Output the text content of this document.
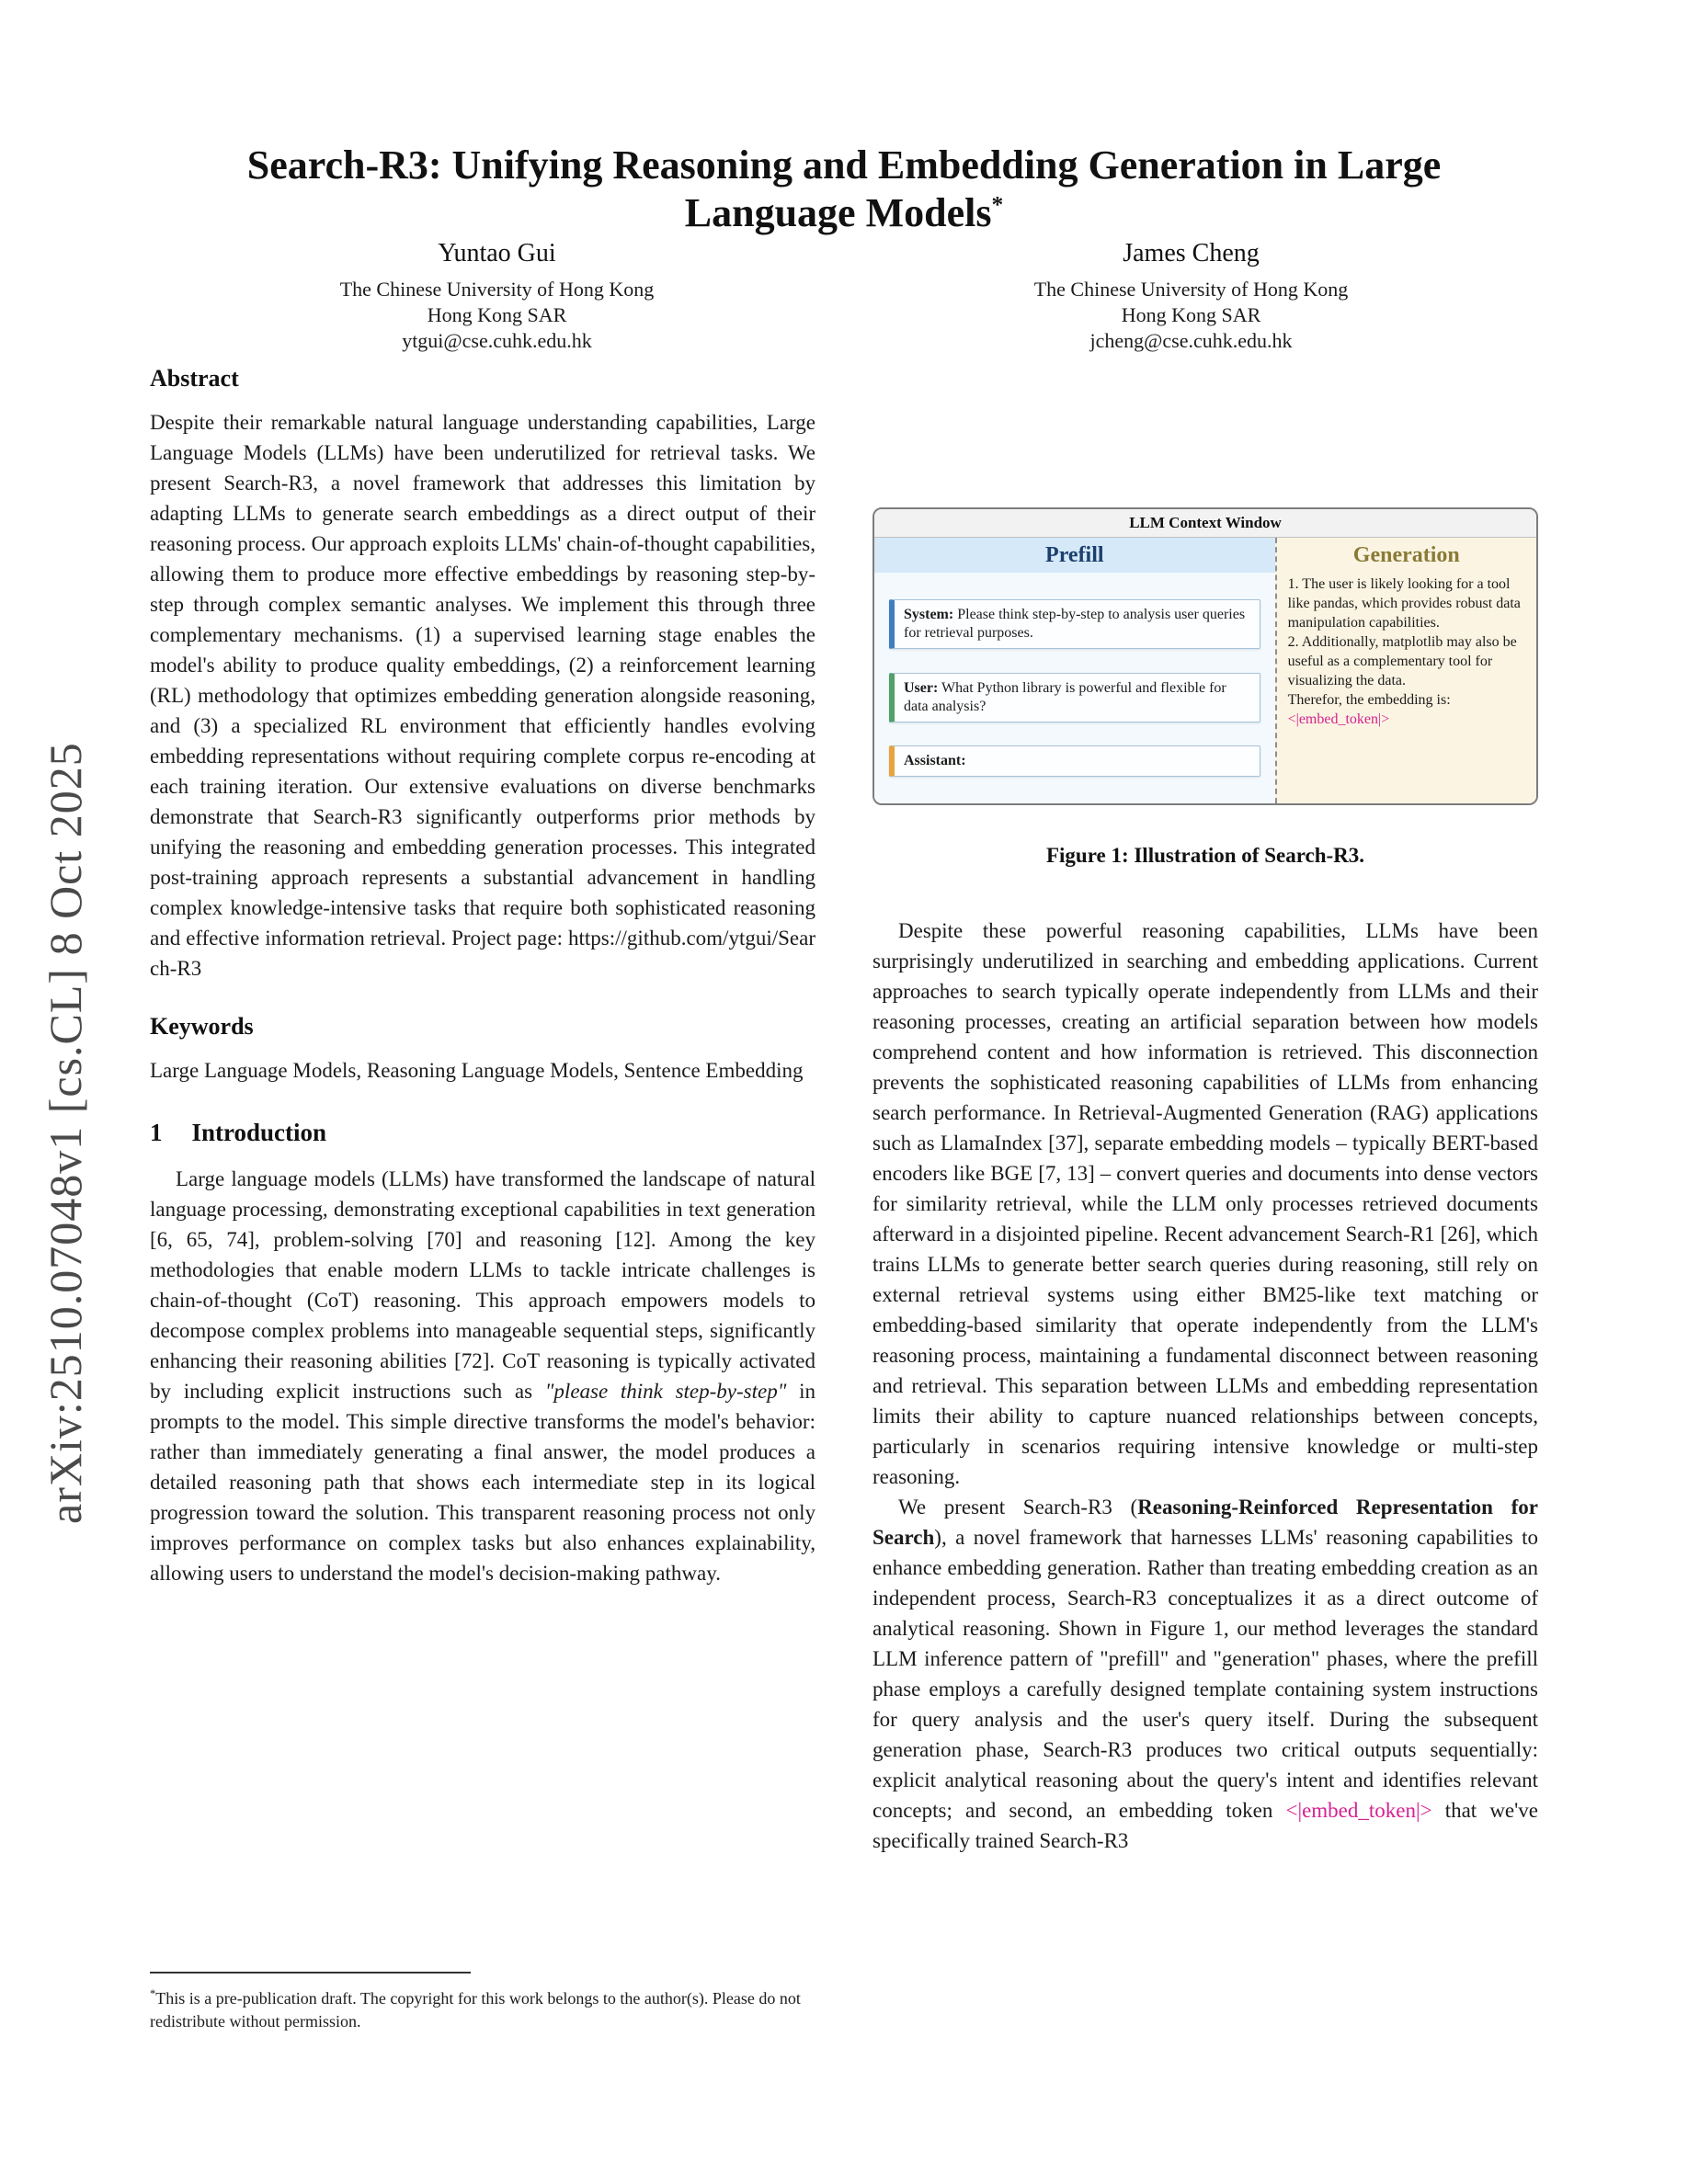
arXiv:2510.07048v1 [cs.CL] 8 Oct 2025
Search-R3: Unifying Reasoning and Embedding Generation in Large Language Models*
Yuntao Gui
The Chinese University of Hong Kong
Hong Kong SAR
ytgui@cse.cuhk.edu.hk
James Cheng
The Chinese University of Hong Kong
Hong Kong SAR
jcheng@cse.cuhk.edu.hk
Abstract

Despite their remarkable natural language understanding capabilities, Large Language Models (LLMs) have been underutilized for retrieval tasks. We present Search-R3, a novel framework that addresses this limitation by adapting LLMs to generate search embeddings as a direct output of their reasoning process. Our approach exploits LLMs' chain-of-thought capabilities, allowing them to produce more effective embeddings by reasoning step-by-step through complex semantic analyses. We implement this through three complementary mechanisms. (1) a supervised learning stage enables the model's ability to produce quality embeddings, (2) a reinforcement learning (RL) methodology that optimizes embedding generation alongside reasoning, and (3) a specialized RL environment that efficiently handles evolving embedding representations without requiring complete corpus re-encoding at each training iteration. Our extensive evaluations on diverse benchmarks demonstrate that Search-R3 significantly outperforms prior methods by unifying the reasoning and embedding generation processes. This integrated post-training approach represents a substantial advancement in handling complex knowledge-intensive tasks that require both sophisticated reasoning and effective information retrieval. Project page: https://github.com/ytgui/Search-R3

Keywords

Large Language Models, Reasoning Language Models, Sentence Embedding

1 Introduction

Large language models (LLMs) have transformed the landscape of natural language processing, demonstrating exceptional capabilities in text generation [6, 65, 74], problem-solving [70] and reasoning [12]. Among the key methodologies that enable modern LLMs to tackle intricate challenges is chain-of-thought (CoT) reasoning. This approach empowers models to decompose complex problems into manageable sequential steps, significantly enhancing their reasoning abilities [72]. CoT reasoning is typically activated by including explicit instructions such as "please think step-by-step" in prompts to the model. This simple directive transforms the model's behavior: rather than immediately generating a final answer, the model produces a detailed reasoning path that shows each intermediate step in its logical progression toward the solution. This transparent reasoning process not only improves performance on complex tasks but also enhances explainability, allowing users to understand the model's decision-making pathway.

LLM Context Window
Prefill
System: Please think step-by-step to analysis user queries for retrieval purposes.
User: What Python library is powerful and flexible for data analysis?
Assistant:
Generation
1. The user is likely looking for a tool like pandas, which provides robust data manipulation capabilities.
2. Additionally, matplotlib may also be useful as a complementary tool for visualizing the data.
Therefor, the embedding is:
<|embed_token|>
Figure 1: Illustration of Search-R3.

Despite these powerful reasoning capabilities, LLMs have been surprisingly underutilized in searching and embedding applications. Current approaches to search typically operate independently from LLMs and their reasoning processes, creating an artificial separation between how models comprehend content and how information is retrieved. This disconnection prevents the sophisticated reasoning capabilities of LLMs from enhancing search performance. In Retrieval-Augmented Generation (RAG) applications such as LlamaIndex [37], separate embedding models – typically BERT-based encoders like BGE [7, 13] – convert queries and documents into dense vectors for similarity retrieval, while the LLM only processes retrieved documents afterward in a disjointed pipeline. Recent advancement Search-R1 [26], which trains LLMs to generate better search queries during reasoning, still rely on external retrieval systems using either BM25-like text matching or embedding-based similarity that operate independently from the LLM's reasoning process, maintaining a fundamental disconnect between reasoning and retrieval. This separation between LLMs and embedding representation limits their ability to capture nuanced relationships between concepts, particularly in scenarios requiring intensive knowledge or multi-step reasoning.

We present Search-R3 (Reasoning-Reinforced Representation for Search), a novel framework that harnesses LLMs' reasoning capabilities to enhance embedding generation. Rather than treating embedding creation as an independent process, Search-R3 conceptualizes it as a direct outcome of analytical reasoning. Shown in Figure 1, our method leverages the standard LLM inference pattern of "prefill" and "generation" phases, where the prefill phase employs a carefully designed template containing system instructions for query analysis and the user's query itself. During the subsequent generation phase, Search-R3 produces two critical outputs sequentially: explicit analytical reasoning about the query's intent and identifies relevant concepts; and second, an embedding token <|embed_token|> that we've specifically trained Search-R3

*This is a pre-publication draft. The copyright for this work belongs to the author(s). Please do not redistribute without permission.
